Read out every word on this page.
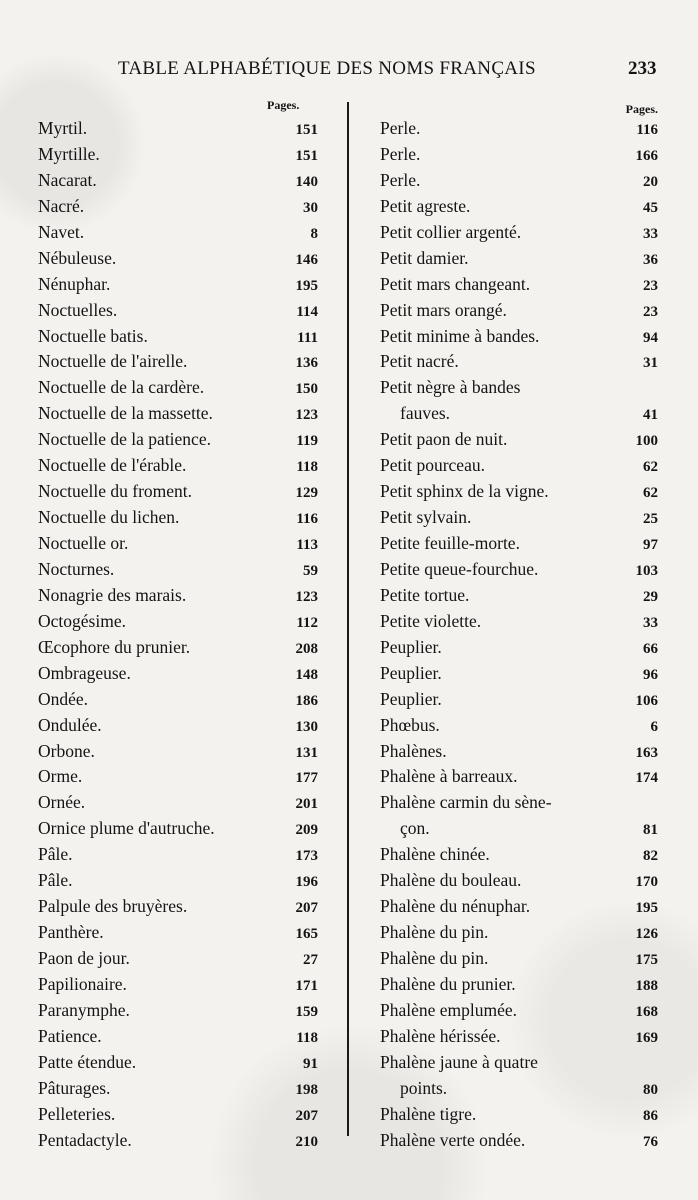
TABLE ALPHABÉTIQUE DES NOMS FRANÇAIS	233
Pages.
Myrtil.	151
Myrtille.	151
Nacarat.	140
Nacré.	30
Navet.	8
Nébuleuse.	146
Nénuphar.	195
Noctuelles.	114
Noctuelle batis.	111
Noctuelle de l'airelle.	136
Noctuelle de la cardère.	150
Noctuelle de la massette.	123
Noctuelle de la patience.	119
Noctuelle de l'érable.	118
Noctuelle du froment.	129
Noctuelle du lichen.	116
Noctuelle or.	113
Nocturnes.	59
Nonagrie des marais.	123
Octogésime.	112
Œcophore du prunier.	208
Ombrageuse.	148
Ondée.	186
Ondulée.	130
Orbone.	131
Orme.	177
Ornée.	201
Ornice plume d'autruche.	209
Pâle.	173
Pâle.	196
Palpule des bruyères.	207
Panthère.	165
Paon de jour.	27
Papilionaire.	171
Paranymphe.	159
Patience.	118
Patte étendue.	91
Pâturages.	198
Pelleteries.	207
Pentadactyle.	210
Pages.
Perle.	116
Perle.	166
Perle.	20
Petit agreste.	45
Petit collier argenté.	33
Petit damier.	36
Petit mars changeant.	23
Petit mars orangé.	23
Petit minime à bandes.	94
Petit nacré.	31
Petit nègre à bandes
fauves.	41
Petit paon de nuit.	100
Petit pourceau.	62
Petit sphinx de la vigne.	62
Petit sylvain.	25
Petite feuille-morte.	97
Petite queue-fourchue.	103
Petite tortue.	29
Petite violette.	33
Peuplier.	66
Peuplier.	96
Peuplier.	106
Phœbus.	6
Phalènes.	163
Phalène à barreaux.	174
Phalène carmin du sène-
çon.	81
Phalène chinée.	82
Phalène du bouleau.	170
Phalène du nénuphar.	195
Phalène du pin.	126
Phalène du pin.	175
Phalène du prunier.	188
Phalène emplumée.	168
Phalène hérissée.	169
Phalène jaune à quatre
points.	80
Phalène tigre.	86
Phalène verte ondée.	76
